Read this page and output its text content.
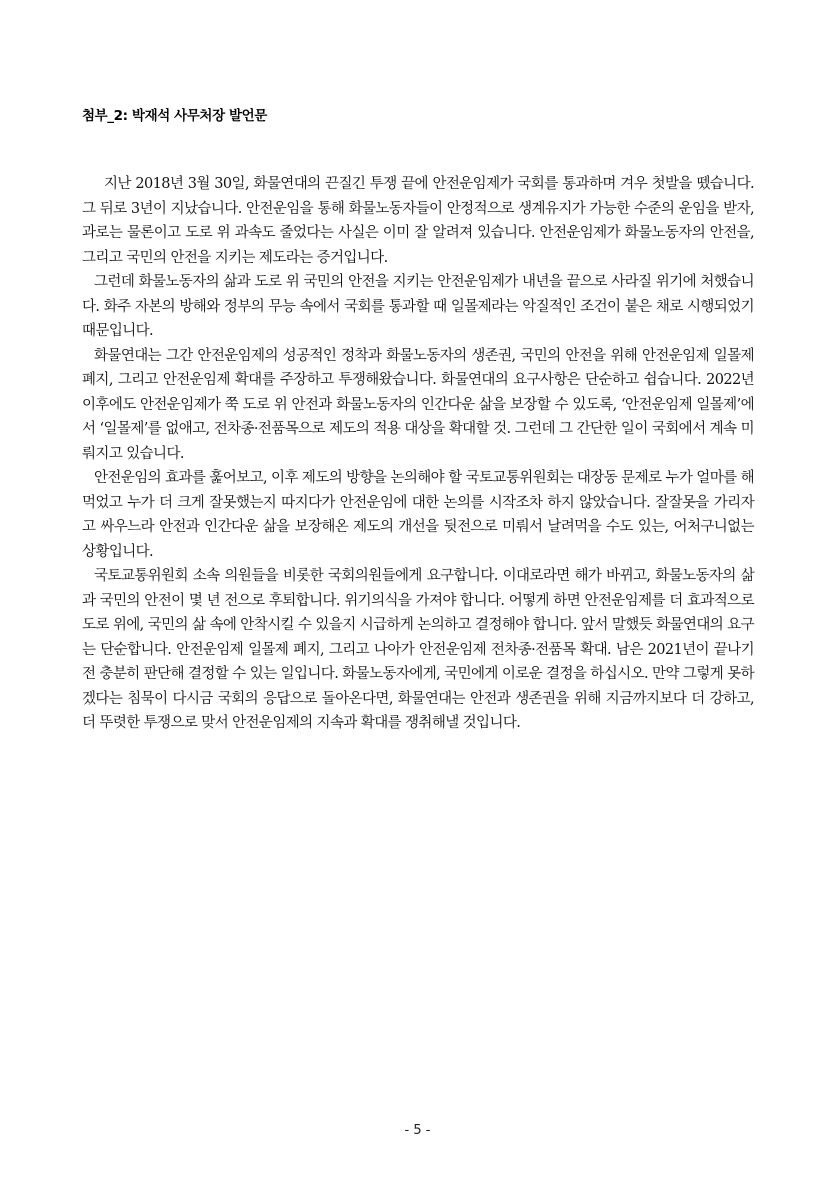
첨부_2: 박재석 사무처장 발언문

지난 2018년 3월 30일, 화물연대의 끈질긴 투쟁 끝에 안전운임제가 국회를 통과하며 겨우 첫발을 뗐습니다. 그 뒤로 3년이 지났습니다. 안전운임을 통해 화물노동자들이 안정적으로 생계유지가 가능한 수준의 운임을 받자, 과로는 물론이고 도로 위 과속도 줄었다는 사실은 이미 잘 알려져 있습니다. 안전운임제가 화물노동자의 안전을, 그리고 국민의 안전을 지키는 제도라는 증거입니다.

그런데 화물노동자의 삶과 도로 위 국민의 안전을 지키는 안전운임제가 내년을 끝으로 사라질 위기에 처했습니다. 화주 자본의 방해와 정부의 무능 속에서 국회를 통과할 때 일몰제라는 악질적인 조건이 붙은 채로 시행되었기 때문입니다.

화물연대는 그간 안전운임제의 성공적인 정착과 화물노동자의 생존권, 국민의 안전을 위해 안전운임제 일몰제 폐지, 그리고 안전운임제 확대를 주장하고 투쟁해왔습니다. 화물연대의 요구사항은 단순하고 쉽습니다. 2022년 이후에도 안전운임제가 쭉 도로 위 안전과 화물노동자의 인간다운 삶을 보장할 수 있도록, ‘안전운임제 일몰제’에서 ‘일몰제’를 없애고, 전차종·전품목으로 제도의 적용 대상을 확대할 것. 그런데 그 간단한 일이 국회에서 계속 미뤄지고 있습니다.

안전운임의 효과를 훑어보고, 이후 제도의 방향을 논의해야 할 국토교통위원회는 대장동 문제로 누가 얼마를 해먹었고 누가 더 크게 잘못했는지 따지다가 안전운임에 대한 논의를 시작조차 하지 않았습니다. 잘잘못을 가리자고 싸우느라 안전과 인간다운 삶을 보장해온 제도의 개선을 뒷전으로 미뤄서 날려먹을 수도 있는, 어처구니없는 상황입니다.

국토교통위원회 소속 의원들을 비롯한 국회의원들에게 요구합니다. 이대로라면 해가 바뀌고, 화물노동자의 삶과 국민의 안전이 몇 년 전으로 후퇴합니다. 위기의식을 가져야 합니다. 어떻게 하면 안전운임제를 더 효과적으로 도로 위에, 국민의 삶 속에 안착시킬 수 있을지 시급하게 논의하고 결정해야 합니다. 앞서 말했듯 화물연대의 요구는 단순합니다. 안전운임제 일몰제 폐지, 그리고 나아가 안전운임제 전차종·전품목 확대. 남은 2021년이 끝나기 전 충분히 판단해 결정할 수 있는 일입니다. 화물노동자에게, 국민에게 이로운 결정을 하십시오. 만약 그렇게 못하겠다는 침묵이 다시금 국회의 응답으로 돌아온다면, 화물연대는 안전과 생존권을 위해 지금까지보다 더 강하고, 더 뚜렷한 투쟁으로 맞서 안전운임제의 지속과 확대를 쟁취해낼 것입니다.

- 5 -
